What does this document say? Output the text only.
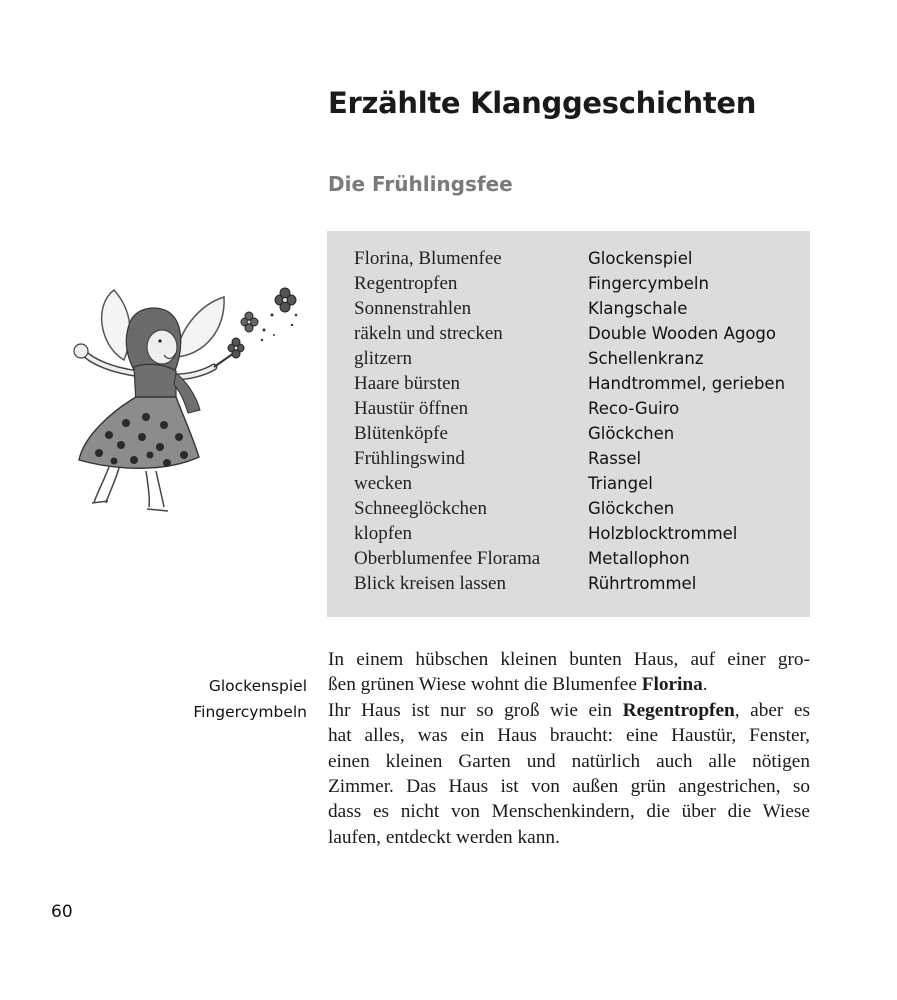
Erzählte Klanggeschichten
Die Frühlingsfee
Florina, Blumenfee	Glockenspiel
Regentropfen	Fingercymbeln
Sonnenstrahlen	Klangschale
räkeln und strecken	Double Wooden Agogo
glitzern	Schellenkranz
Haare bürsten	Handtrommel, gerieben
Haustür öffnen	Reco-Guiro
Blütenköpfe	Glöckchen
Frühlingswind	Rassel
wecken	Triangel
Schneeglöckchen	Glöckchen
klopfen	Holzblocktrommel
Oberblumenfee Florama	Metallophon
Blick kreisen lassen	Rührtrommel
Glockenspiel
Fingercymbeln
In einem hübschen kleinen bunten Haus, auf einer gro-
ßen grünen Wiese wohnt die Blumenfee Florina.
Ihr Haus ist nur so groß wie ein Regentropfen, aber es
hat alles, was ein Haus braucht: eine Haustür, Fenster,
einen kleinen Garten und natürlich auch alle nötigen
Zimmer. Das Haus ist von außen grün angestrichen, so
dass es nicht von Menschenkindern, die über die Wiese
laufen, entdeckt werden kann.
60
